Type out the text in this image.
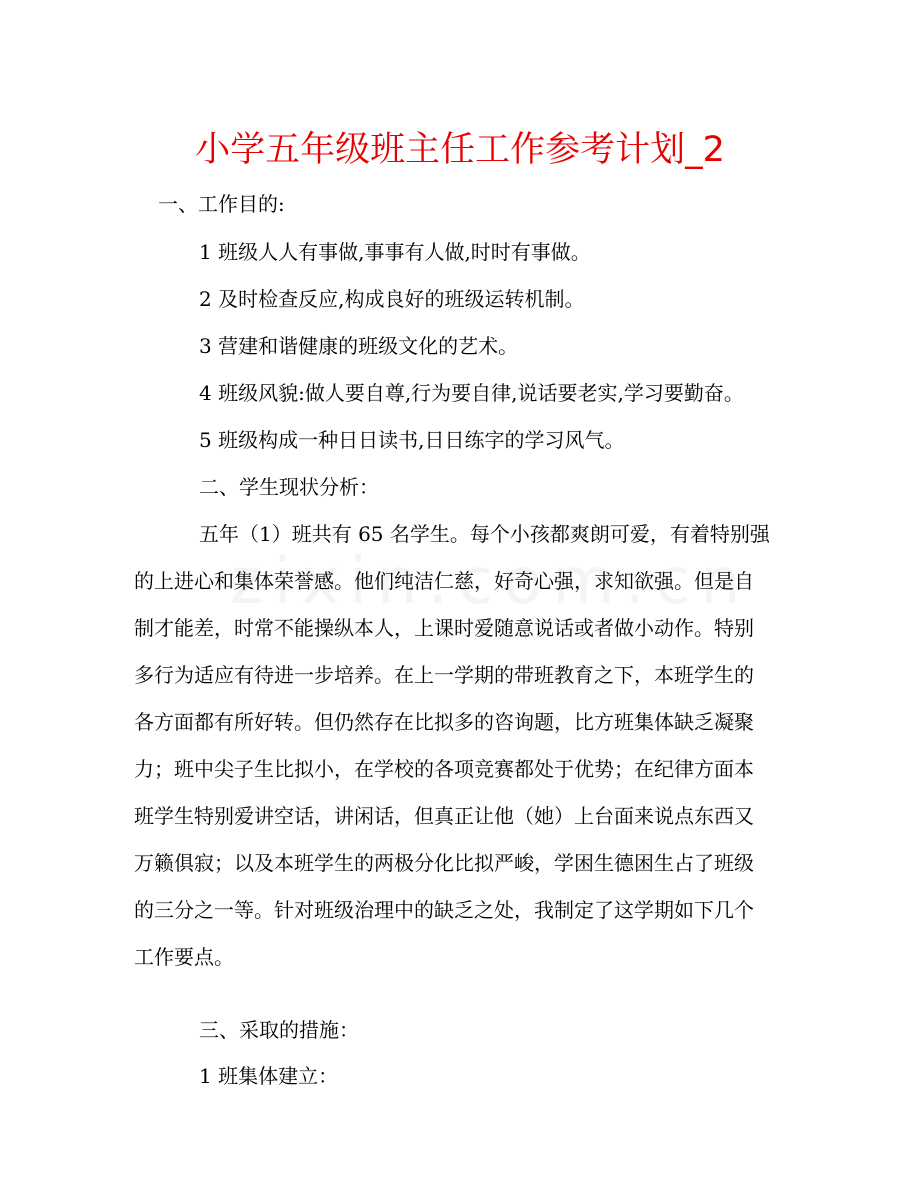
小学五年级班主任工作参考计划_2

一、工作目的:

1 班级人人有事做,事事有人做,时时有事做。

2 及时检查反应,构成良好的班级运转机制。

3 营建和谐健康的班级文化的艺术。

4 班级风貌:做人要自尊,行为要自律,说话要老实,学习要勤奋。

5 班级构成一种日日读书,日日练字的学习风气。

二、学生现状分析：

五年（1）班共有 65 名学生。每个小孩都爽朗可爱，有着特别强

的上进心和集体荣誉感。他们纯洁仁慈，好奇心强，求知欲强。但是自

制才能差，时常不能操纵本人，上课时爱随意说话或者做小动作。特别

多行为适应有待进一步培养。在上一学期的带班教育之下，本班学生的

各方面都有所好转。但仍然存在比拟多的咨询题，比方班集体缺乏凝聚

力；班中尖子生比拟小，在学校的各项竞赛都处于优势；在纪律方面本

班学生特别爱讲空话，讲闲话，但真正让他（她）上台面来说点东西又

万籁俱寂；以及本班学生的两极分化比拟严峻，学困生德困生占了班级

的三分之一等。针对班级治理中的缺乏之处，我制定了这学期如下几个

工作要点。

三、采取的措施：

1 班集体建立：
